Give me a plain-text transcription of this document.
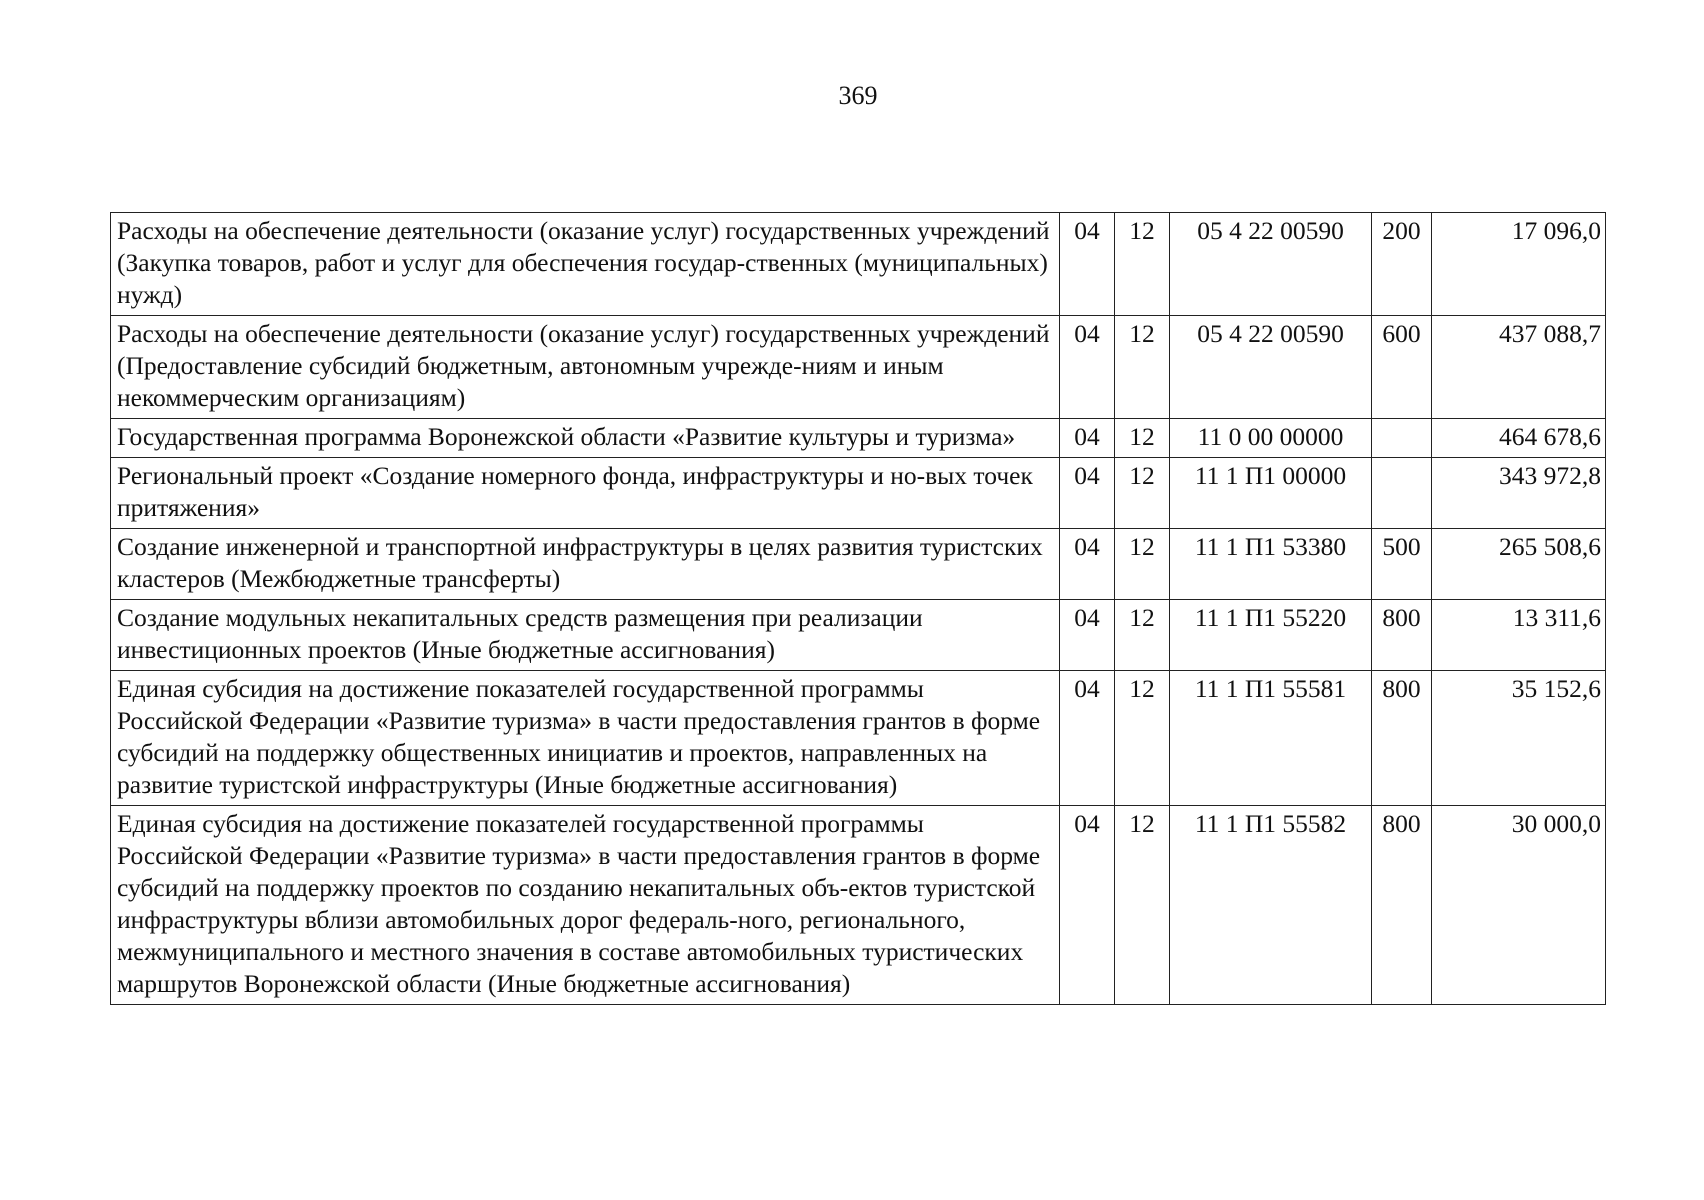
369
Расходы на обеспечение деятельности (оказание услуг) государственных учреждений (Закупка товаров, работ и услуг для обеспечения государ-ственных (муниципальных) нужд)	04	12	05 4 22 00590	200	17 096,0
Расходы на обеспечение деятельности (оказание услуг) государственных учреждений (Предоставление субсидий бюджетным, автономным учрежде-ниям и иным некоммерческим организациям)	04	12	05 4 22 00590	600	437 088,7
Государственная программа Воронежской области «Развитие культуры и туризма»	04	12	11 0 00 00000		464 678,6
Региональный проект «Создание номерного фонда, инфраструктуры и но-вых точек притяжения»	04	12	11 1 П1 00000		343 972,8
Создание инженерной и транспортной инфраструктуры в целях развития туристских кластеров (Межбюджетные трансферты)	04	12	11 1 П1 53380	500	265 508,6
Создание модульных некапитальных средств размещения при реализации инвестиционных проектов (Иные бюджетные ассигнования)	04	12	11 1 П1 55220	800	13 311,6
Единая субсидия на достижение показателей государственной программы Российской Федерации «Развитие туризма» в части предоставления грантов в форме субсидий на поддержку общественных инициатив и проектов, направленных на развитие туристской инфраструктуры (Иные бюджетные ассигнования)	04	12	11 1 П1 55581	800	35 152,6
Единая субсидия на достижение показателей государственной программы Российской Федерации «Развитие туризма» в части предоставления грантов в форме субсидий на поддержку проектов по созданию некапитальных объ-ектов туристской инфраструктуры вблизи автомобильных дорог федераль-ного, регионального, межмуниципального и местного значения в составе автомобильных туристических маршрутов Воронежской области (Иные бюджетные ассигнования)	04	12	11 1 П1 55582	800	30 000,0
